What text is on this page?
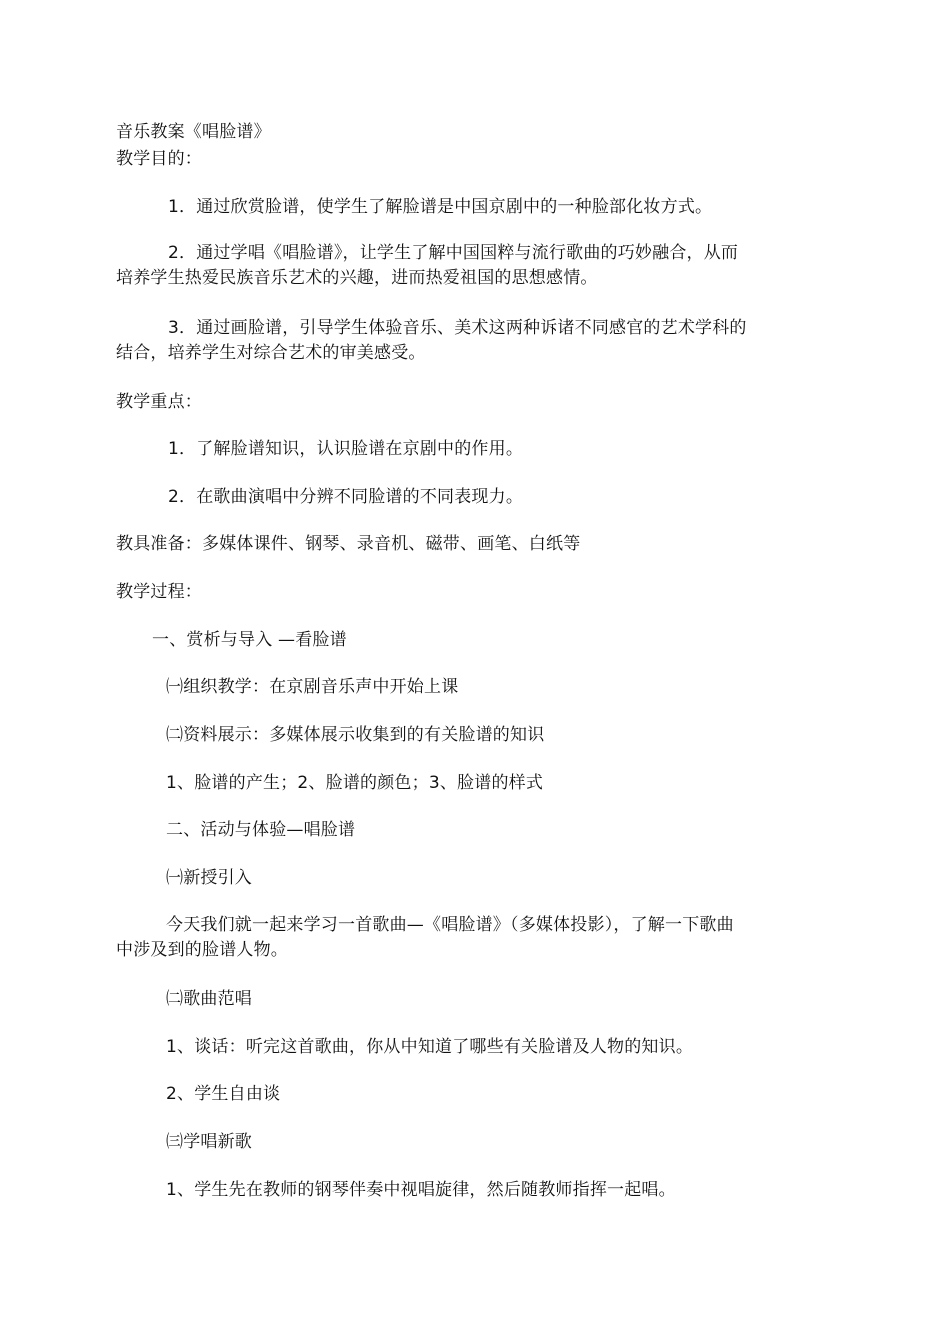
音乐教案《唱脸谱》
教学目的：
1．通过欣赏脸谱，使学生了解脸谱是中国京剧中的一种脸部化妆方式。
2．通过学唱《唱脸谱》，让学生了解中国国粹与流行歌曲的巧妙融合，从而
培养学生热爱民族音乐艺术的兴趣，进而热爱祖国的思想感情。
3．通过画脸谱，引导学生体验音乐、美术这两种诉诸不同感官的艺术学科的
结合，培养学生对综合艺术的审美感受。
教学重点：
1．了解脸谱知识，认识脸谱在京剧中的作用。
2．在歌曲演唱中分辨不同脸谱的不同表现力。
教具准备：多媒体课件、钢琴、录音机、磁带、画笔、白纸等
教学过程：
一、赏析与导入 —看脸谱
㈠组织教学：在京剧音乐声中开始上课
㈡资料展示：多媒体展示收集到的有关脸谱的知识
1、脸谱的产生；2、脸谱的颜色；3、脸谱的样式
二、活动与体验—唱脸谱
㈠新授引入
今天我们就一起来学习一首歌曲—《唱脸谱》（多媒体投影），了解一下歌曲
中涉及到的脸谱人物。
㈡歌曲范唱
1、谈话：听完这首歌曲，你从中知道了哪些有关脸谱及人物的知识。
2、学生自由谈
㈢学唱新歌
1、学生先在教师的钢琴伴奏中视唱旋律，然后随教师指挥一起唱。
